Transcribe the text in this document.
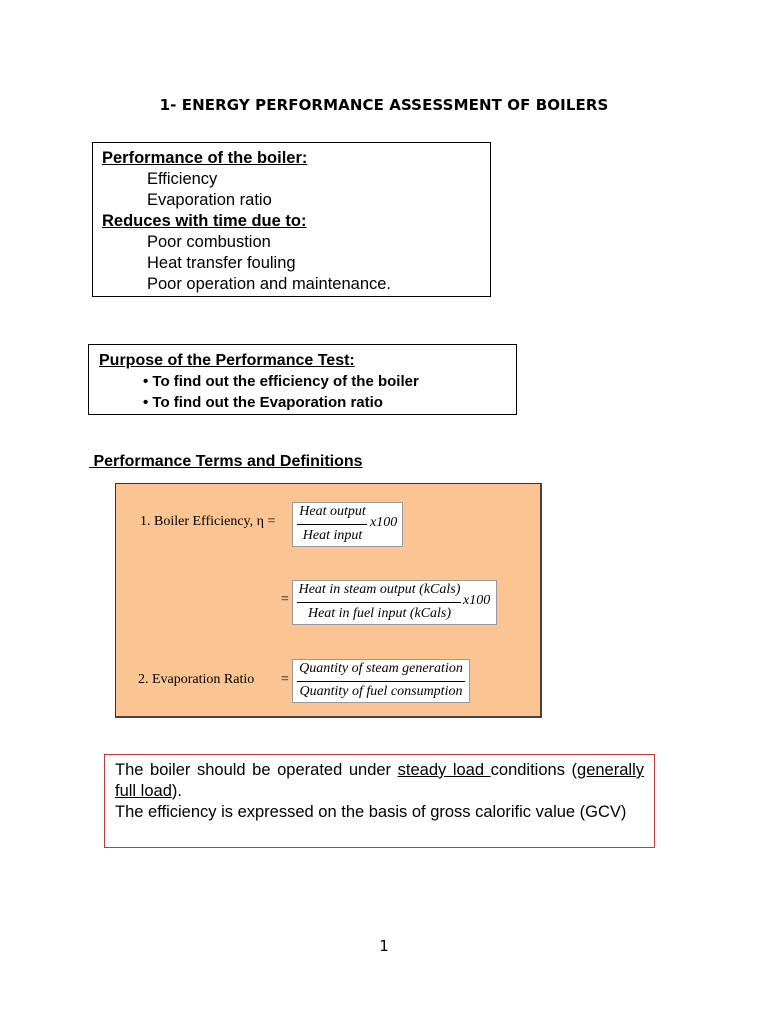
1- ENERGY PERFORMANCE ASSESSMENT OF BOILERS
Performance of the boiler:
Efficiency
Evaporation ratio
Reduces with time due to:
Poor combustion
Heat transfer fouling
Poor operation and maintenance.
Purpose of the Performance Test:
• To find out the efficiency of the boiler
• To find out the Evaporation ratio
Performance Terms and Definitions
1. Boiler Efficiency, η =
Heat output
Heat input
x100
=
Heat in steam output (kCals)
Heat in fuel input (kCals)
x100
2. Evaporation Ratio =
Quantity of steam generation
Quantity of fuel consumption
The boiler should be operated under steady load conditions (generally full load).
The efficiency is expressed on the basis of gross calorific value (GCV)
1
